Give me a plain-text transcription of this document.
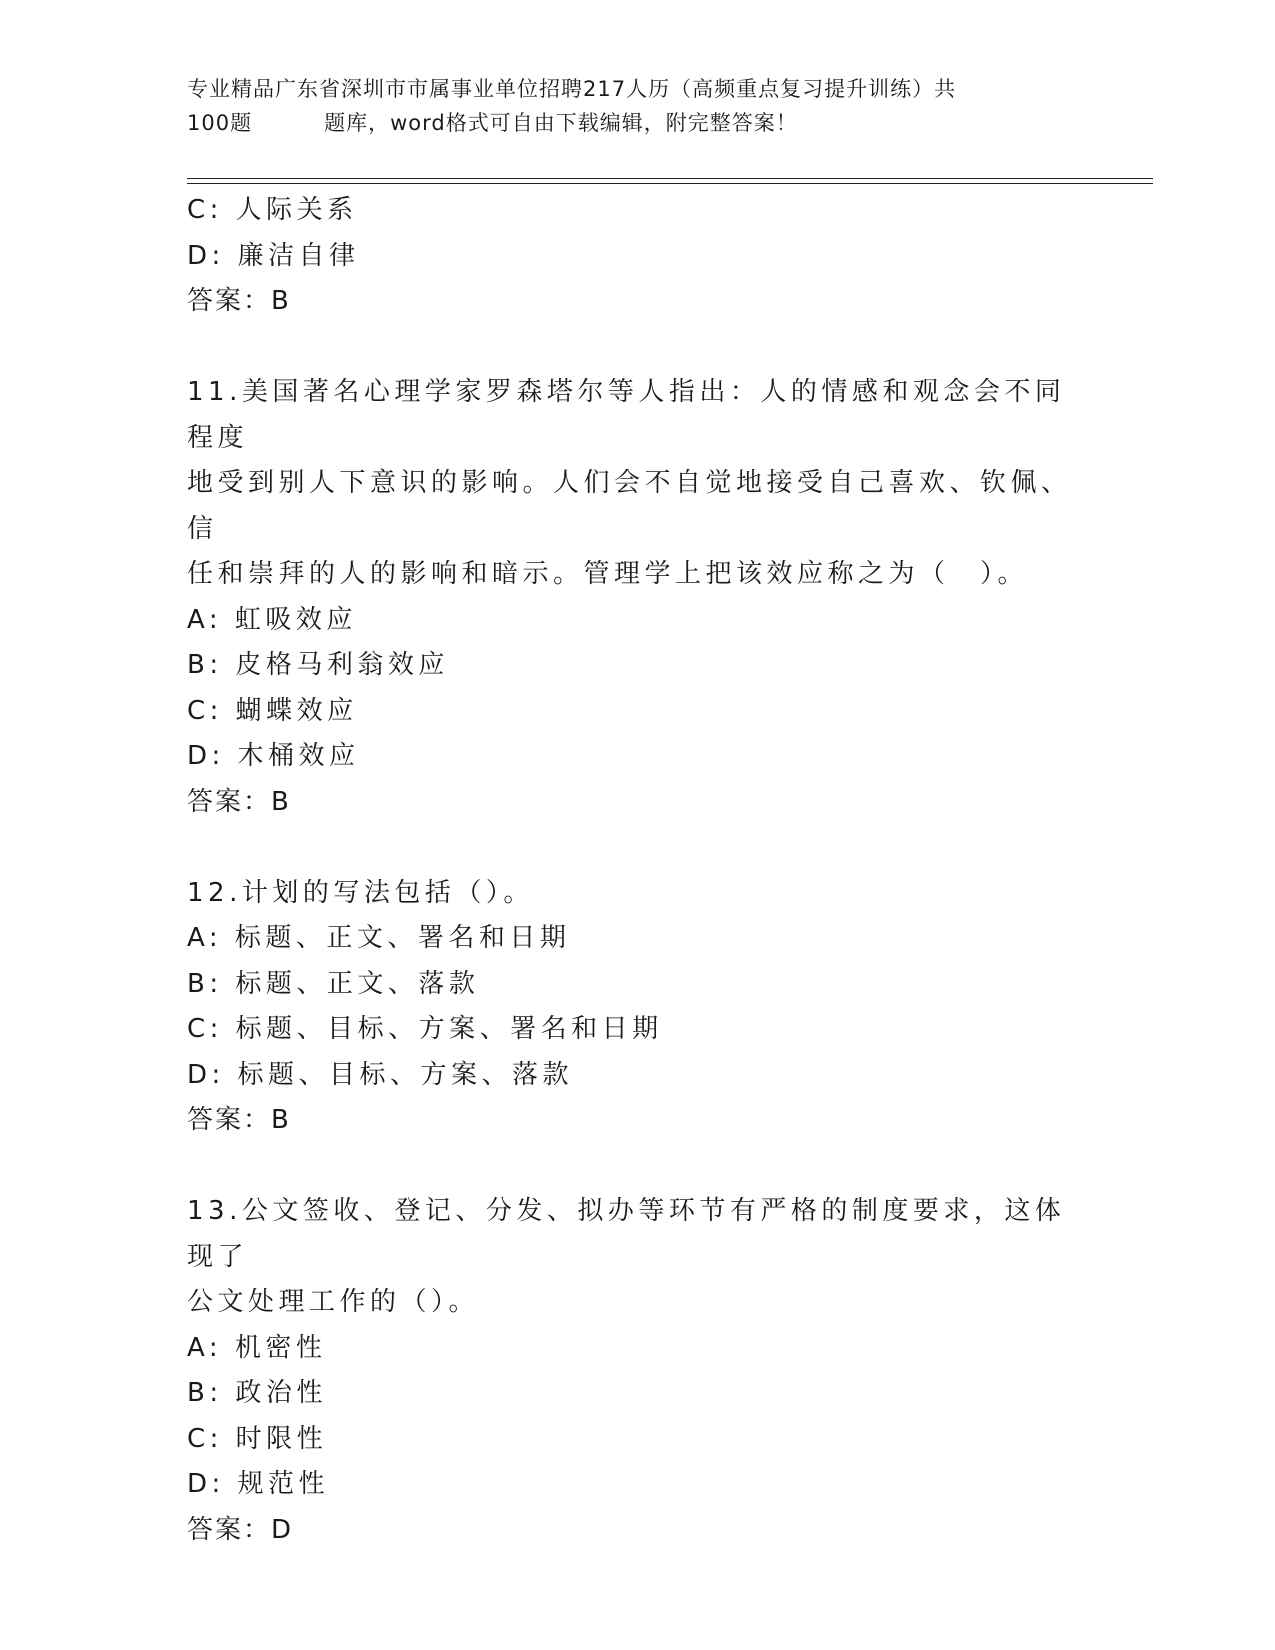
专业精品广东省深圳市市属事业单位招聘217人历（高频重点复习提升训练）共
100题	题库，word格式可自由下载编辑，附完整答案！
C: 人际关系
D: 廉洁自律
答案：B
11.美国著名心理学家罗森塔尔等人指出：人的情感和观念会不同程度
地受到别人下意识的影响。人们会不自觉地接受自己喜欢、钦佩、信
任和崇拜的人的影响和暗示。管理学上把该效应称之为（　）。
A: 虹吸效应
B: 皮格马利翁效应
C: 蝴蝶效应
D: 木桶效应
答案：B
12.计划的写法包括（）。
A: 标题、正文、署名和日期
B: 标题、正文、落款
C: 标题、目标、方案、署名和日期
D: 标题、目标、方案、落款
答案：B
13.公文签收、登记、分发、拟办等环节有严格的制度要求，这体现了
公文处理工作的（）。
A: 机密性
B: 政治性
C: 时限性
D: 规范性
答案：D
